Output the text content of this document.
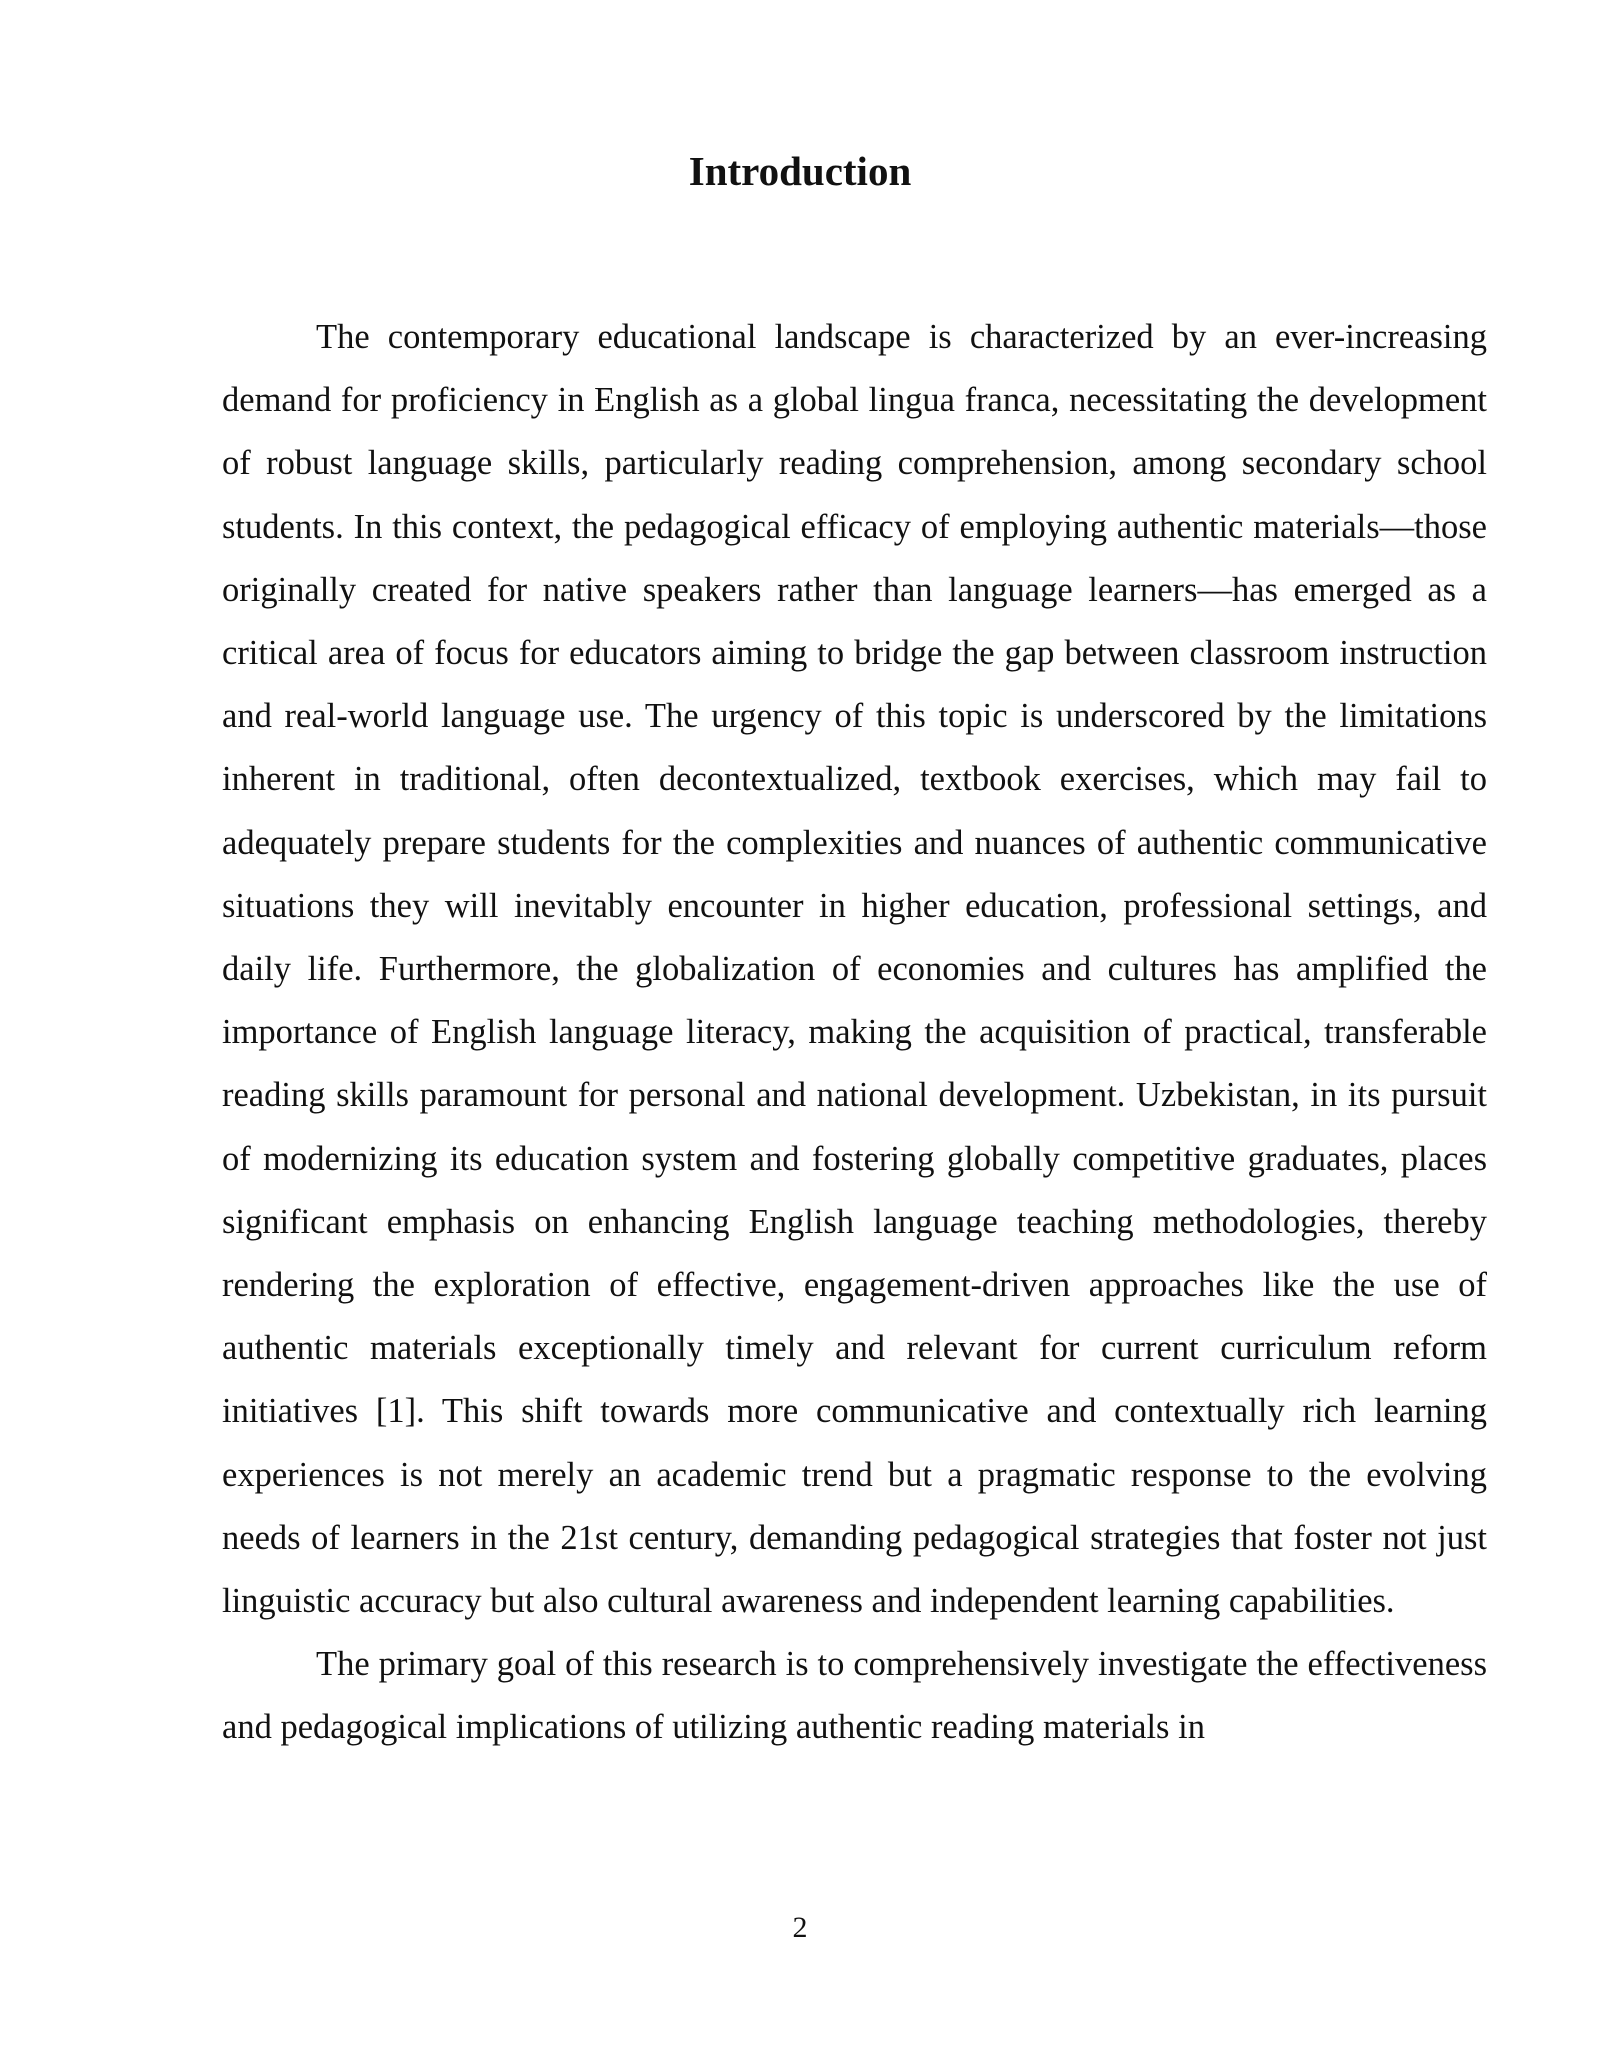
Introduction

The contemporary educational landscape is characterized by an ever-increasing demand for proficiency in English as a global lingua franca, necessitating the development of robust language skills, particularly reading comprehension, among secondary school students. In this context, the pedagogical efficacy of employing authentic materials—those originally created for native speakers rather than language learners—has emerged as a critical area of focus for educators aiming to bridge the gap between classroom instruction and real-world language use. The urgency of this topic is underscored by the limitations inherent in traditional, often decontextualized, textbook exercises, which may fail to adequately prepare students for the complexities and nuances of authentic communicative situations they will inevitably encounter in higher education, professional settings, and daily life. Furthermore, the globalization of economies and cultures has amplified the importance of English language literacy, making the acquisition of practical, transferable reading skills paramount for personal and national development. Uzbekistan, in its pursuit of modernizing its education system and fostering globally competitive graduates, places significant emphasis on enhancing English language teaching methodologies, thereby rendering the exploration of effective, engagement-driven approaches like the use of authentic materials exceptionally timely and relevant for current curriculum reform initiatives [1]. This shift towards more communicative and contextually rich learning experiences is not merely an academic trend but a pragmatic response to the evolving needs of learners in the 21st century, demanding pedagogical strategies that foster not just linguistic accuracy but also cultural awareness and independent learning capabilities.

The primary goal of this research is to comprehensively investigate the effectiveness and pedagogical implications of utilizing authentic reading materials in

2
